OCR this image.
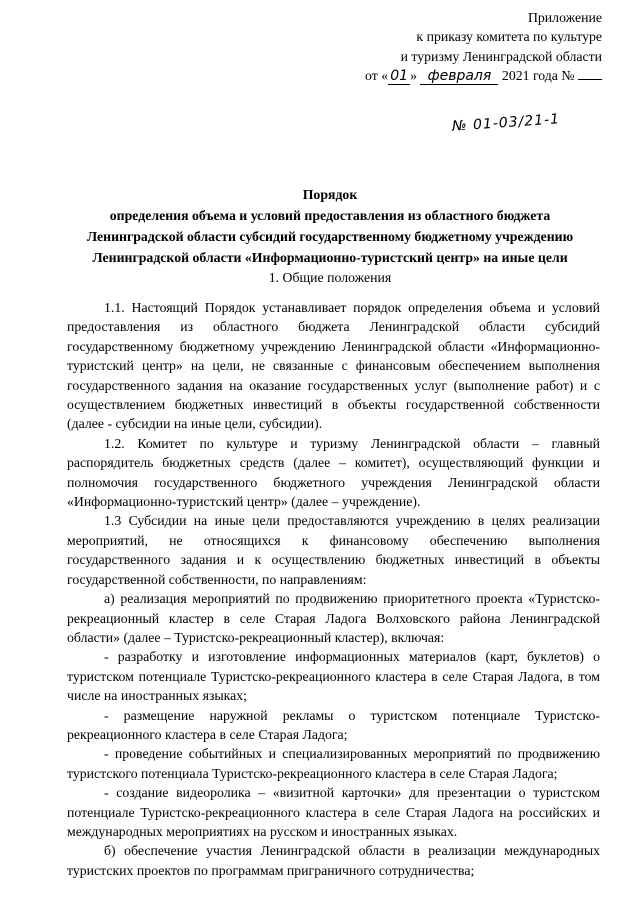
Приложение
к приказу комитета по культуре
и туризму Ленинградской области
от « 01 » февраля 2021 года №
№ 01-03/21-1
Порядок
определения объема и условий предоставления из областного бюджета
Ленинградской области субсидий государственному бюджетному учреждению
Ленинградской области «Информационно-туристский центр» на иные цели
1. Общие положения

1.1. Настоящий Порядок устанавливает порядок определения объема и условий предоставления из областного бюджета Ленинградской области субсидий государственному бюджетному учреждению Ленинградской области «Информационно-туристский центр» на цели, не связанные с финансовым обеспечением выполнения государственного задания на оказание государственных услуг (выполнение работ) и с осуществлением бюджетных инвестиций в объекты государственной собственности (далее - субсидии на иные цели, субсидии).

1.2. Комитет по культуре и туризму Ленинградской области – главный распорядитель бюджетных средств (далее – комитет), осуществляющий функции и полномочия государственного бюджетного учреждения Ленинградской области «Информационно-туристский центр» (далее – учреждение).

1.3 Субсидии на иные цели предоставляются учреждению в целях реализации мероприятий, не относящихся к финансовому обеспечению выполнения государственного задания и к осуществлению бюджетных инвестиций в объекты государственной собственности, по направлениям:

а) реализация мероприятий по продвижению приоритетного проекта «Туристско-рекреационный кластер в селе Старая Ладога Волховского района Ленинградской области» (далее – Туристско-рекреационный кластер), включая:

- разработку и изготовление информационных материалов (карт, буклетов) о туристском потенциале Туристско-рекреационного кластера в селе Старая Ладога, в том числе на иностранных языках;

- размещение наружной рекламы о туристском потенциале Туристско-рекреационного кластера в селе Старая Ладога;

- проведение событийных и специализированных мероприятий по продвижению туристского потенциала Туристско-рекреационного кластера в селе Старая Ладога;

- создание видеоролика – «визитной карточки» для презентации о туристском потенциале Туристско-рекреационного кластера в селе Старая Ладога на российских и международных мероприятиях на русском и иностранных языках.

б) обеспечение участия Ленинградской области в реализации международных туристских проектов по программам приграничного сотрудничества;
